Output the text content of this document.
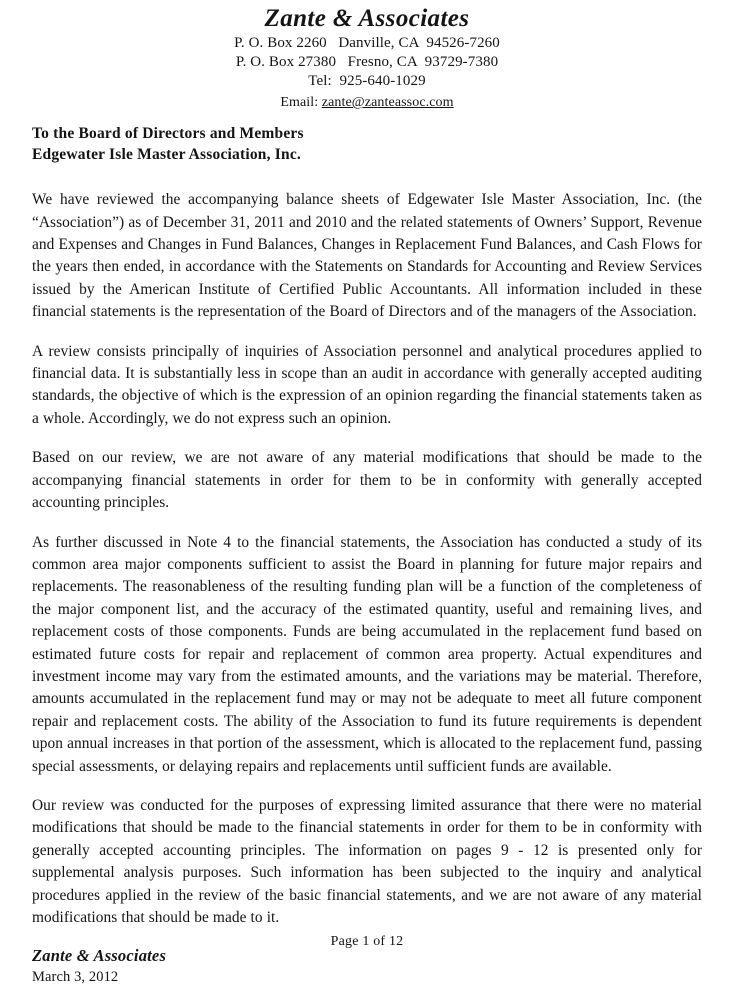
Zante & Associates
P. O. Box 2260   Danville, CA  94526-7260
P. O. Box 27380   Fresno, CA  93729-7380
Tel:  925-640-1029
Email: zante@zanteassoc.com
To the Board of Directors and Members
Edgewater Isle Master Association, Inc.

We have reviewed the accompanying balance sheets of Edgewater Isle Master Association, Inc. (the “Association”) as of December 31, 2011 and 2010 and the related statements of Owners’ Support, Revenue and Expenses and Changes in Fund Balances, Changes in Replacement Fund Balances, and Cash Flows for the years then ended, in accordance with the Statements on Standards for Accounting and Review Services issued by the American Institute of Certified Public Accountants. All information included in these financial statements is the representation of the Board of Directors and of the managers of the Association.

A review consists principally of inquiries of Association personnel and analytical procedures applied to financial data. It is substantially less in scope than an audit in accordance with generally accepted auditing standards, the objective of which is the expression of an opinion regarding the financial statements taken as a whole. Accordingly, we do not express such an opinion.

Based on our review, we are not aware of any material modifications that should be made to the accompanying financial statements in order for them to be in conformity with generally accepted accounting principles.

As further discussed in Note 4 to the financial statements, the Association has conducted a study of its common area major components sufficient to assist the Board in planning for future major repairs and replacements. The reasonableness of the resulting funding plan will be a function of the completeness of the major component list, and the accuracy of the estimated quantity, useful and remaining lives, and replacement costs of those components. Funds are being accumulated in the replacement fund based on estimated future costs for repair and replacement of common area property. Actual expenditures and investment income may vary from the estimated amounts, and the variations may be material. Therefore, amounts accumulated in the replacement fund may or may not be adequate to meet all future component repair and replacement costs. The ability of the Association to fund its future requirements is dependent upon annual increases in that portion of the assessment, which is allocated to the replacement fund, passing special assessments, or delaying repairs and replacements until sufficient funds are available.

Our review was conducted for the purposes of expressing limited assurance that there were no material modifications that should be made to the financial statements in order for them to be in conformity with generally accepted accounting principles. The information on pages 9 - 12 is presented only for supplemental analysis purposes. Such information has been subjected to the inquiry and analytical procedures applied in the review of the basic financial statements, and we are not aware of any material modifications that should be made to it.

Zante & Associates
March 3, 2012
Page 1 of 12
